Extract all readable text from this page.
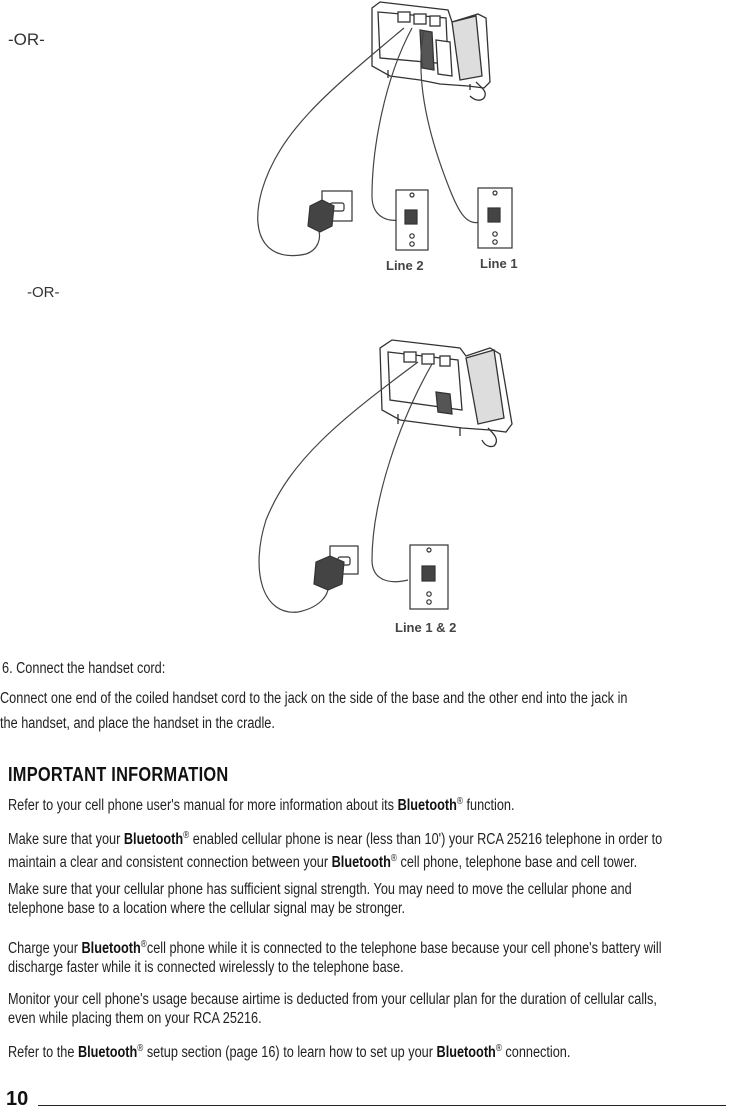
-OR-
-OR-
Line 2	Line 1
Line 1 & 2
6. Connect the handset cord:
Connect one end of the coiled handset cord to the jack on the side of the base and the other end into the jack in
the handset, and place the handset in the cradle.
IMPORTANT INFORMATION
Refer to your cell phone user's manual for more information about its Bluetooth® function.
Make sure that your Bluetooth® enabled cellular phone is near (less than 10') your RCA 25216 telephone in order to
maintain a clear and consistent connection between your Bluetooth® cell phone, telephone base and cell tower.
Make sure that your cellular phone has sufficient signal strength. You may need to move the cellular phone and
telephone base to a location where the cellular signal may be stronger.
Charge your Bluetooth®cell phone while it is connected to the telephone base because your cell phone's battery will
discharge faster while it is connected wirelessly to the telephone base.
Monitor your cell phone's usage because airtime is deducted from your cellular plan for the duration of cellular calls,
even while placing them on your RCA 25216.
Refer to the Bluetooth® setup section (page 16) to learn how to set up your Bluetooth® connection.
10
